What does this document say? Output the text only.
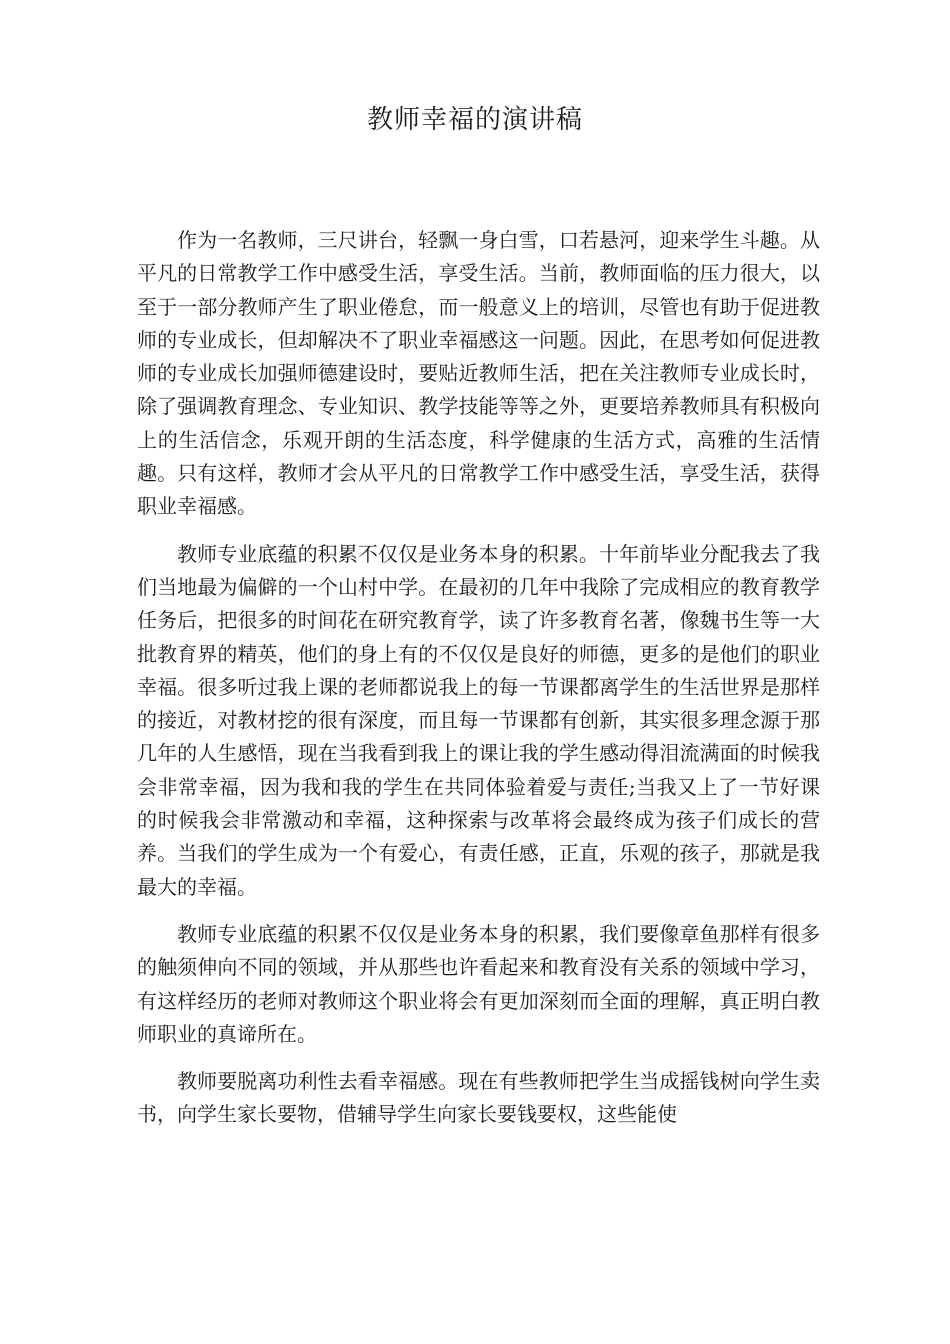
教师幸福的演讲稿

作为一名教师，三尺讲台，轻飘一身白雪，口若悬河，迎来学生斗趣。从平凡的日常教学工作中感受生活，享受生活。当前，教师面临的压力很大，以至于一部分教师产生了职业倦怠，而一般意义上的培训，尽管也有助于促进教师的专业成长，但却解决不了职业幸福感这一问题。因此，在思考如何促进教师的专业成长加强师德建设时，要贴近教师生活，把在关注教师专业成长时，除了强调教育理念、专业知识、教学技能等等之外，更要培养教师具有积极向上的生活信念，乐观开朗的生活态度，科学健康的生活方式，高雅的生活情趣。只有这样，教师才会从平凡的日常教学工作中感受生活，享受生活，获得职业幸福感。

教师专业底蕴的积累不仅仅是业务本身的积累。十年前毕业分配我去了我们当地最为偏僻的一个山村中学。在最初的几年中我除了完成相应的教育教学任务后，把很多的时间花在研究教育学，读了许多教育名著，像魏书生等一大批教育界的精英，他们的身上有的不仅仅是良好的师德，更多的是他们的职业幸福。很多听过我上课的老师都说我上的每一节课都离学生的生活世界是那样的接近，对教材挖的很有深度，而且每一节课都有创新，其实很多理念源于那几年的人生感悟，现在当我看到我上的课让我的学生感动得泪流满面的时候我会非常幸福，因为我和我的学生在共同体验着爱与责任;当我又上了一节好课的时候我会非常激动和幸福，这种探索与改革将会最终成为孩子们成长的营养。当我们的学生成为一个有爱心，有责任感，正直，乐观的孩子，那就是我最大的幸福。

教师专业底蕴的积累不仅仅是业务本身的积累，我们要像章鱼那样有很多的触须伸向不同的领域，并从那些也许看起来和教育没有关系的领域中学习，有这样经历的老师对教师这个职业将会有更加深刻而全面的理解，真正明白教师职业的真谛所在。

教师要脱离功利性去看幸福感。现在有些教师把学生当成摇钱树向学生卖书，向学生家长要物，借辅导学生向家长要钱要权，这些能使
